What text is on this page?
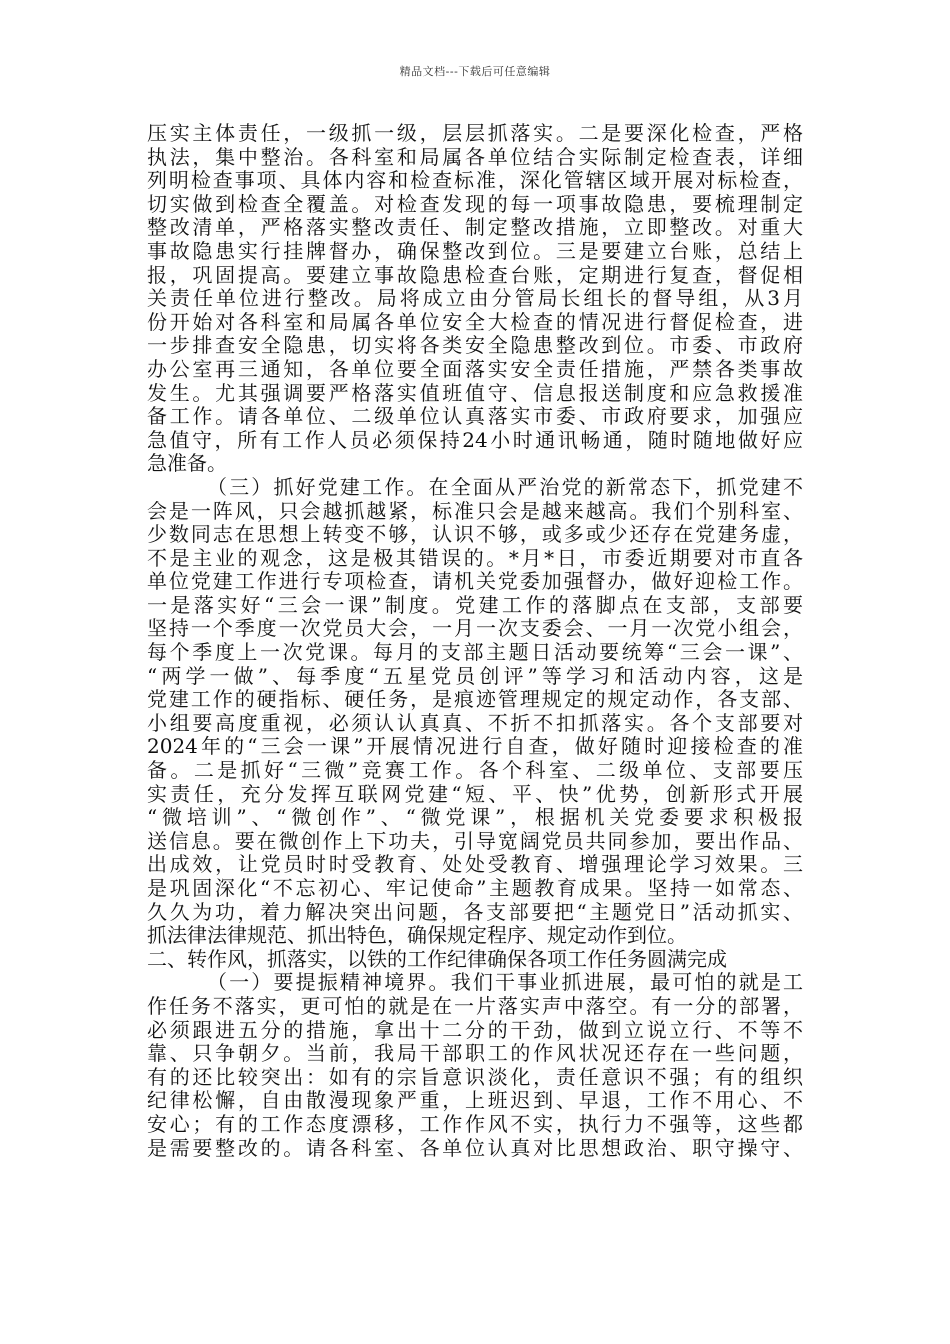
精品文档---下载后可任意编辑
压实主体责任，一级抓一级，层层抓落实。二是要深化检查，严格
执法，集中整治。各科室和局属各单位结合实际制定检查表，详细
列明检查事项、具体内容和检查标准，深化管辖区域开展对标检查，
切实做到检查全覆盖。对检查发现的每一项事故隐患，要梳理制定
整改清单，严格落实整改责任、制定整改措施，立即整改。对重大
事故隐患实行挂牌督办，确保整改到位。三是要建立台账，总结上
报，巩固提高。要建立事故隐患检查台账，定期进行复查，督促相
关责任单位进行整改。局将成立由分管局长组长的督导组，从3月
份开始对各科室和局属各单位安全大检查的情况进行督促检查，进
一步排查安全隐患，切实将各类安全隐患整改到位。市委、市政府
办公室再三通知，各单位要全面落实安全责任措施，严禁各类事故
发生。尤其强调要严格落实值班值守、信息报送制度和应急救援准
备工作。请各单位、二级单位认真落实市委、市政府要求，加强应
急值守，所有工作人员必须保持24小时通讯畅通，随时随地做好应
急准备。
（三）抓好党建工作。在全面从严治党的新常态下，抓党建不
会是一阵风，只会越抓越紧，标准只会是越来越高。我们个别科室、
少数同志在思想上转变不够，认识不够，或多或少还存在党建务虚，
不是主业的观念，这是极其错误的。*月*日，市委近期要对市直各
单位党建工作进行专项检查，请机关党委加强督办，做好迎检工作。
一是落实好“三会一课”制度。党建工作的落脚点在支部，支部要
坚持一个季度一次党员大会，一月一次支委会、一月一次党小组会，
每个季度上一次党课。每月的支部主题日活动要统筹“三会一课”、
“两学一做”、每季度“五星党员创评”等学习和活动内容，这是
党建工作的硬指标、硬任务，是痕迹管理规定的规定动作，各支部、
小组要高度重视，必须认认真真、不折不扣抓落实。各个支部要对
2024年的“三会一课”开展情况进行自查，做好随时迎接检查的准
备。二是抓好“三微”竞赛工作。各个科室、二级单位、支部要压
实责任，充分发挥互联网党建“短、平、快”优势，创新形式开展
“微培训”、“微创作”、“微党课”，根据机关党委要求积极报
送信息。要在微创作上下功夫，引导宽阔党员共同参加，要出作品、
出成效，让党员时时受教育、处处受教育、增强理论学习效果。三
是巩固深化“不忘初心、牢记使命”主题教育成果。坚持一如常态、
久久为功，着力解决突出问题，各支部要把“主题党日”活动抓实、
抓法律法律规范、抓出特色，确保规定程序、规定动作到位。
二、转作风，抓落实，以铁的工作纪律确保各项工作任务圆满完成
（一）要提振精神境界。我们干事业抓进展，最可怕的就是工
作任务不落实，更可怕的就是在一片落实声中落空。有一分的部署，
必须跟进五分的措施，拿出十二分的干劲，做到立说立行、不等不
靠、只争朝夕。当前，我局干部职工的作风状况还存在一些问题，
有的还比较突出：如有的宗旨意识淡化，责任意识不强；有的组织
纪律松懈，自由散漫现象严重，上班迟到、早退，工作不用心、不
安心；有的工作态度漂移，工作作风不实，执行力不强等，这些都
是需要整改的。请各科室、各单位认真对比思想政治、职守操守、
